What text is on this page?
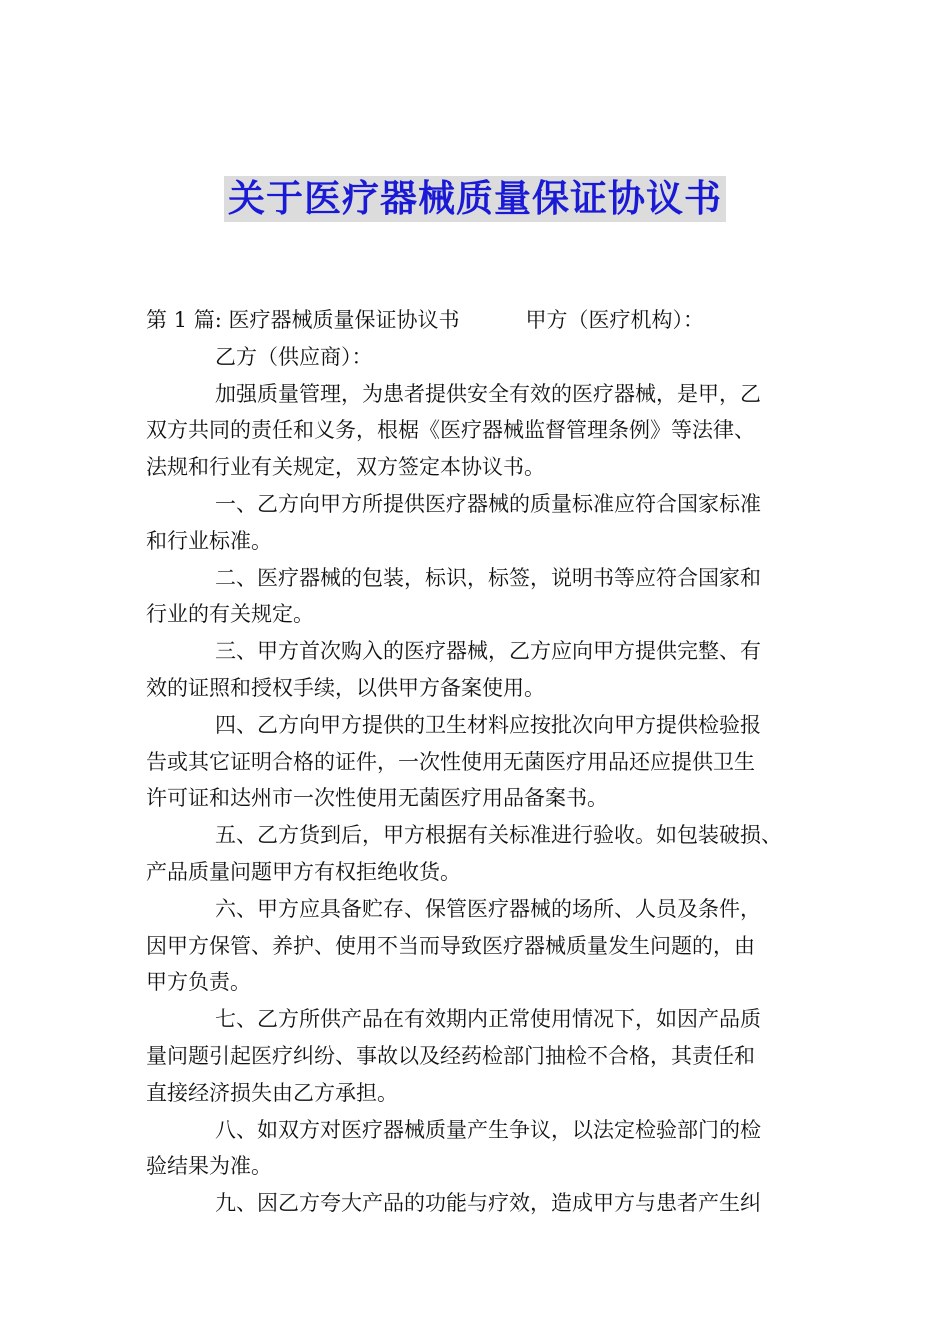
关于医疗器械质量保证协议书
第 1 篇: 医疗器械质量保证协议书	甲方（医疗机构）：
乙方（供应商）：
加强质量管理，为患者提供安全有效的医疗器械，是甲，乙
双方共同的责任和义务，根椐《医疗器械监督管理条例》等法律、
法规和行业有关规定，双方签定本协议书。
一、乙方向甲方所提供医疗器械的质量标准应符合国家标准
和行业标准。
二、医疗器械的包装，标识，标签，说明书等应符合国家和
行业的有关规定。
三、甲方首次购入的医疗器械，乙方应向甲方提供完整、有
效的证照和授权手续，以供甲方备案使用。
四、乙方向甲方提供的卫生材料应按批次向甲方提供检验报
告或其它证明合格的证件，一次性使用无菌医疗用品还应提供卫生
许可证和达州市一次性使用无菌医疗用品备案书。
五、乙方货到后，甲方根据有关标准进行验收。如包装破损、
产品质量问题甲方有权拒绝收货。
六、甲方应具备贮存、保管医疗器械的场所、人员及条件，
因甲方保管、养护、使用不当而导致医疗器械质量发生问题的，由
甲方负责。
七、乙方所供产品在有效期内正常使用情况下，如因产品质
量问题引起医疗纠纷、事故以及经药检部门抽检不合格，其责任和
直接经济损失由乙方承担。
八、如双方对医疗器械质量产生争议，以法定检验部门的检
验结果为准。
九、因乙方夸大产品的功能与疗效，造成甲方与患者产生纠
